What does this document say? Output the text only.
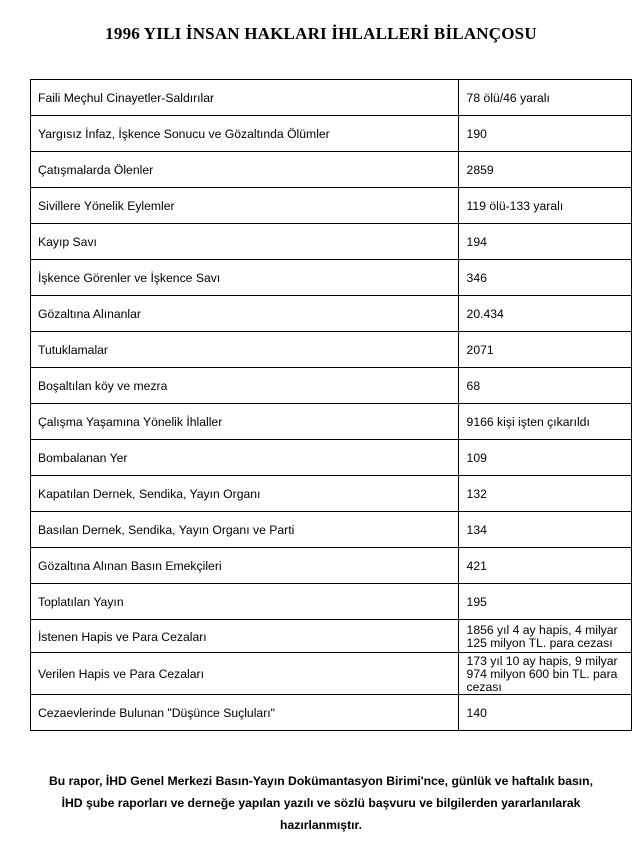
1996 YILI İNSAN HAKLARI İHLALLERİ BİLANÇOSU
Faili Meçhul Cinayetler-Saldırılar	78 ölü/46 yaralı
Yargısız İnfaz, İşkence Sonucu ve Gözaltında Ölümler	190
Çatışmalarda Ölenler	2859
Sivillere Yönelik Eylemler	119 ölü-133 yaralı
Kayıp Savı	194
İşkence Görenler ve İşkence Savı	346
Gözaltına Alınanlar	20.434
Tutuklamalar	2071
Boşaltılan köy ve mezra	68
Çalışma Yaşamına Yönelik İhlaller	9166 kişi işten çıkarıldı
Bombalanan Yer	109
Kapatılan Dernek, Sendika, Yayın Organı	132
Basılan Dernek, Sendika, Yayın Organı ve Parti	134
Gözaltına Alınan Basın Emekçileri	421
Toplatılan Yayın	195
İstenen Hapis ve Para Cezaları	1856 yıl 4 ay hapis, 4 milyar 125 milyon TL. para cezası
Verilen Hapis ve Para Cezaları	173 yıl 10 ay hapis, 9 milyar 974 milyon 600 bin TL. para cezası
Cezaevlerinde Bulunan "Düşünce Suçluları"	140
Bu rapor, İHD Genel Merkezi Basın-Yayın Dokümantasyon Birimi'nce, günlük ve haftalık basın,
İHD şube raporları ve derneğe yapılan yazılı ve sözlü başvuru ve bilgilerden yararlanılarak
hazırlanmıştır.
